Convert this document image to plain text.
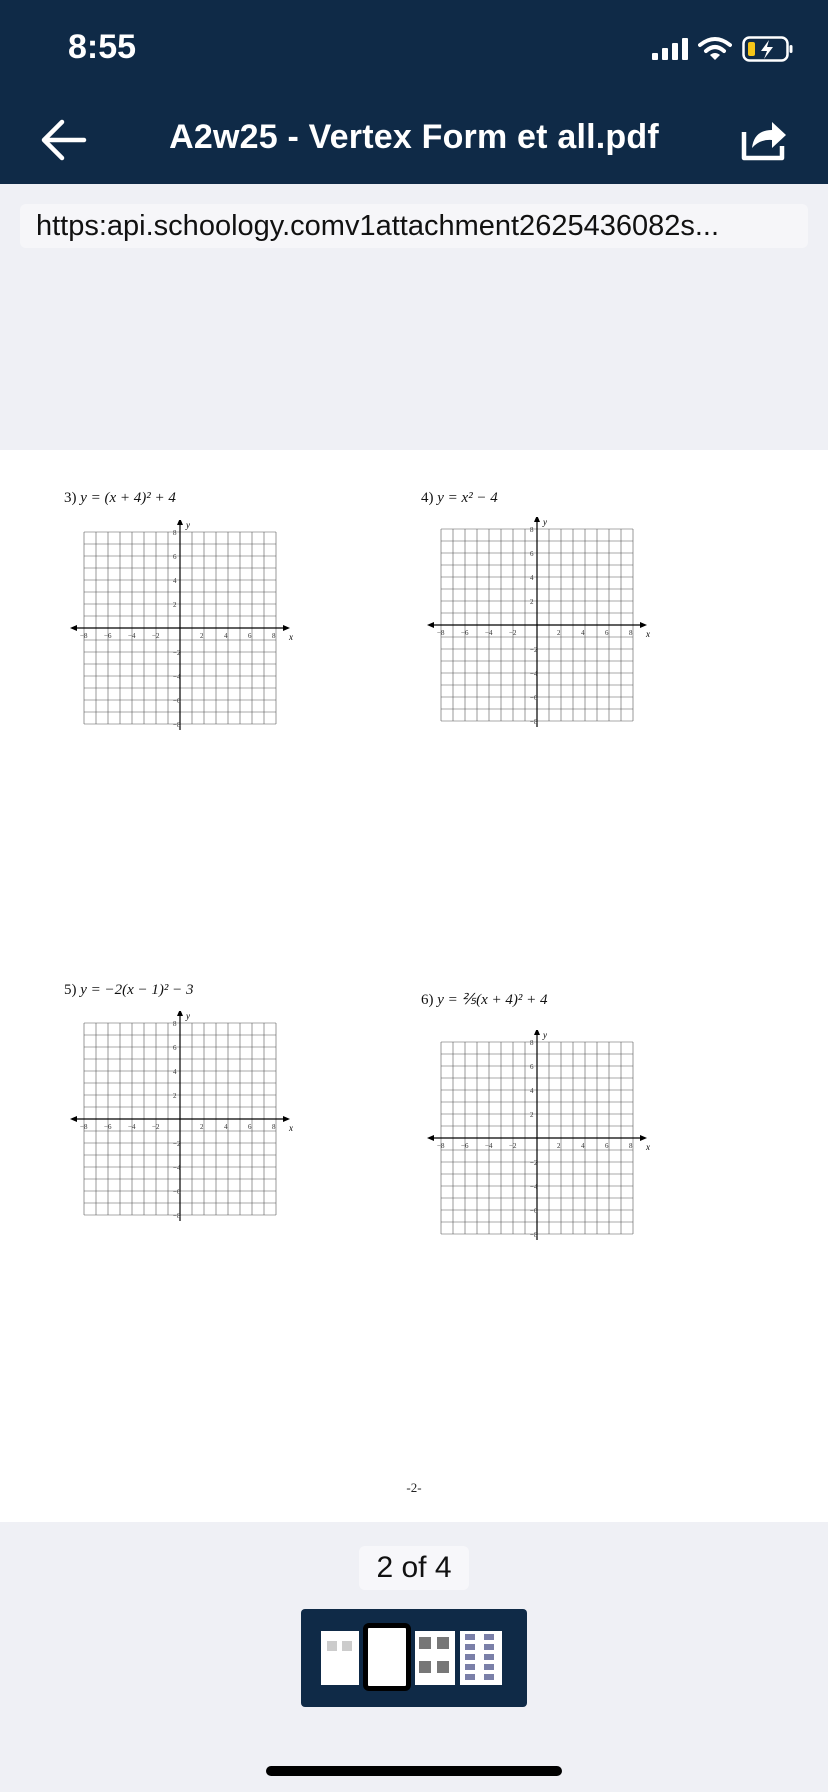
8:55
A2w25 - Vertex Form et all.pdf
https:api.schoology.comv1attachment2625436082s...
3) y = (x + 4)² + 4	4) y = x² − 4
5) y = −2(x − 1)² − 3
6) y = ⅖(x + 4)² + 4
x
y
−8 −6 −4 −2	2	4	6	8
8
6
4
2
−2
−4
−6
−8
x
y
−8 −6 −4 −2	2	4	6	8
8
6
4
2
−2
−4
−6
−8
x
y
−8 −6 −4 −2	2	4	6	8
8
6
4
2
−2
−4
−6
−8
x
y
−8 −6 −4 −2	2	4	6	8
8
6
4
2
−2
−4
−6
−8
-2-
2 of 4
